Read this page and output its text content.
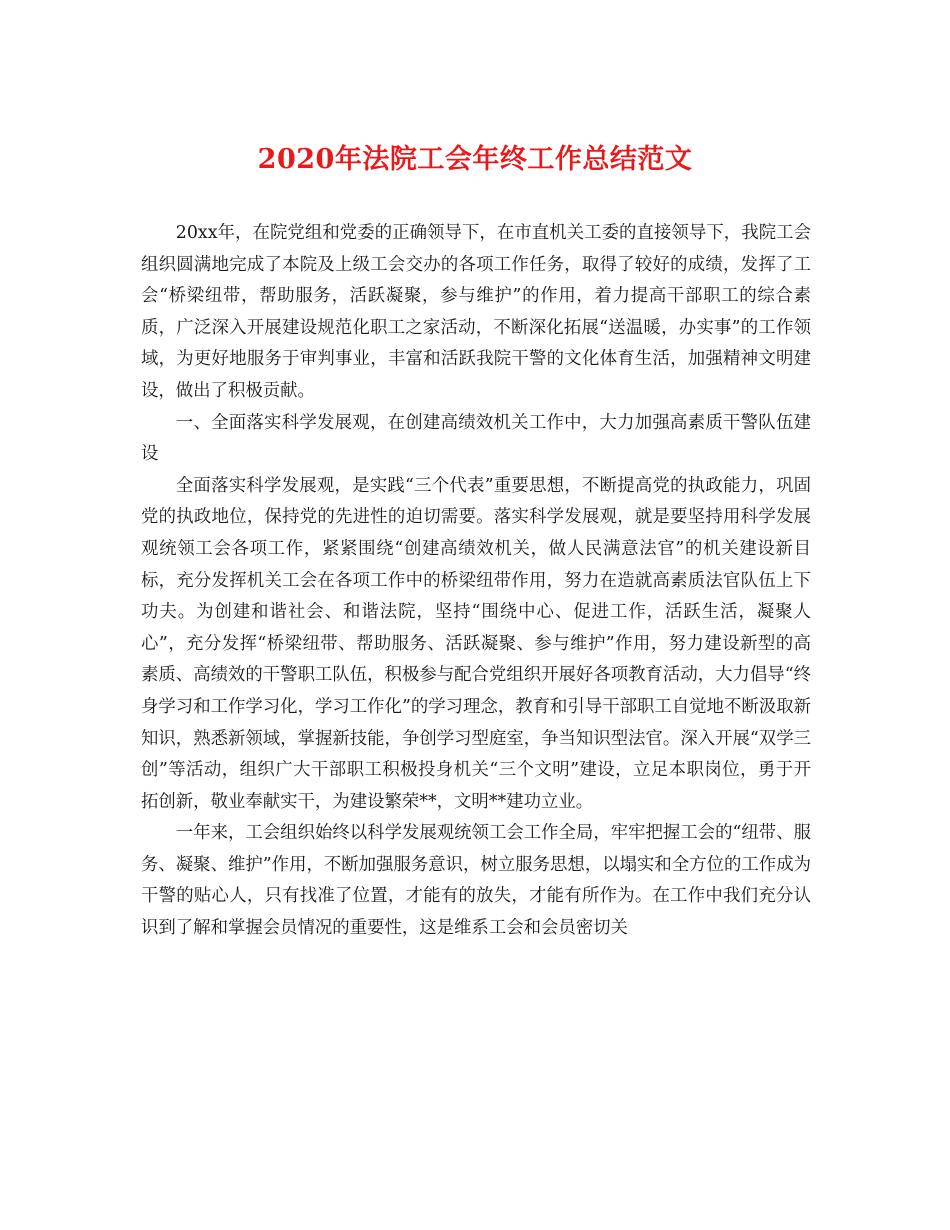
2020年法院工会年终工作总结范文

20xx年，在院党组和党委的正确领导下，在市直机关工委的直接领导下，我院工会组织圆满地完成了本院及上级工会交办的各项工作任务，取得了较好的成绩，发挥了工会“桥梁纽带，帮助服务，活跃凝聚，参与维护”的作用，着力提高干部职工的综合素质，广泛深入开展建设规范化职工之家活动，不断深化拓展“送温暖，办实事”的工作领域，为更好地服务于审判事业，丰富和活跃我院干警的文化体育生活，加强精神文明建设，做出了积极贡献。

一、全面落实科学发展观，在创建高绩效机关工作中，大力加强高素质干警队伍建设

全面落实科学发展观，是实践“三个代表”重要思想，不断提高党的执政能力，巩固党的执政地位，保持党的先进性的迫切需要。落实科学发展观，就是要坚持用科学发展观统领工会各项工作，紧紧围绕“创建高绩效机关，做人民满意法官”的机关建设新目标，充分发挥机关工会在各项工作中的桥梁纽带作用，努力在造就高素质法官队伍上下功夫。为创建和谐社会、和谐法院，坚持“围绕中心、促进工作，活跃生活，凝聚人心”，充分发挥“桥梁纽带、帮助服务、活跃凝聚、参与维护”作用，努力建设新型的高素质、高绩效的干警职工队伍，积极参与配合党组织开展好各项教育活动，大力倡导“终身学习和工作学习化，学习工作化”的学习理念，教育和引导干部职工自觉地不断汲取新知识，熟悉新领域，掌握新技能，争创学习型庭室，争当知识型法官。深入开展“双学三创”等活动，组织广大干部职工积极投身机关“三个文明”建设，立足本职岗位，勇于开拓创新，敬业奉献实干，为建设繁荣**，文明**建功立业。

一年来，工会组织始终以科学发展观统领工会工作全局，牢牢把握工会的“纽带、服务、凝聚、维护”作用，不断加强服务意识，树立服务思想，以塌实和全方位的工作成为干警的贴心人，只有找准了位置，才能有的放失，才能有所作为。在工作中我们充分认识到了解和掌握会员情况的重要性，这是维系工会和会员密切关
